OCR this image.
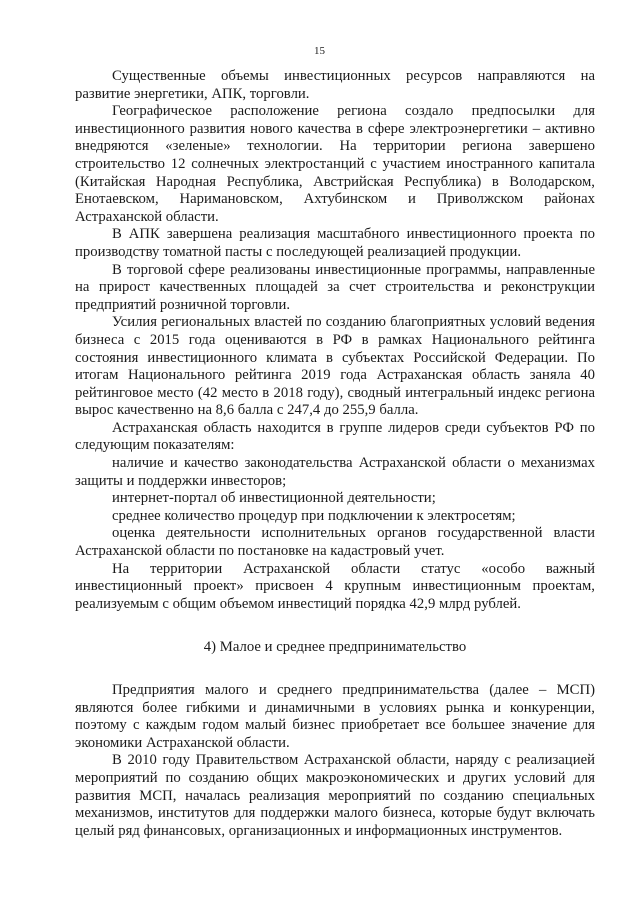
15

Существенные объемы инвестиционных ресурсов направляются на развитие энергетики, АПК, торговли.

Географическое расположение региона создало предпосылки для инвестиционного развития нового качества в сфере электроэнергетики – активно внедряются «зеленые» технологии. На территории региона завершено строительство 12 солнечных электростанций с участием иностранного капитала (Китайская Народная Республика, Австрийская Республика) в Володарском, Енотаевском, Наримановском, Ахтубинском и Приволжском районах Астраханской области.

В АПК завершена реализация масштабного инвестиционного проекта по производству томатной пасты с последующей реализацией продукции.

В торговой сфере реализованы инвестиционные программы, направленные на прирост качественных площадей за счет строительства и реконструкции предприятий розничной торговли.

Усилия региональных властей по созданию благоприятных условий ведения бизнеса с 2015 года оцениваются в РФ в рамках Национального рейтинга состояния инвестиционного климата в субъектах Российской Федерации. По итогам Национального рейтинга 2019 года Астраханская область заняла 40 рейтинговое место (42 место в 2018 году), сводный интегральный индекс региона вырос качественно на 8,6 балла с 247,4 до 255,9 балла.

Астраханская область находится в группе лидеров среди субъектов РФ по следующим показателям:

наличие и качество законодательства Астраханской области о механизмах защиты и поддержки инвесторов;

интернет-портал об инвестиционной деятельности;

среднее количество процедур при подключении к электросетям;

оценка деятельности исполнительных органов государственной власти Астраханской области по постановке на кадастровый учет.

На территории Астраханской области статус «особо важный инвестиционный проект» присвоен 4 крупным инвестиционным проектам, реализуемым с общим объемом инвестиций порядка 42,9 млрд рублей.

4) Малое и среднее предпринимательство

Предприятия малого и среднего предпринимательства (далее – МСП) являются более гибкими и динамичными в условиях рынка и конкуренции, поэтому с каждым годом малый бизнес приобретает все большее значение для экономики Астраханской области.

В 2010 году Правительством Астраханской области, наряду с реализацией мероприятий по созданию общих макроэкономических и других условий для развития МСП, началась реализация мероприятий по созданию специальных механизмов, институтов для поддержки малого бизнеса, которые будут включать целый ряд финансовых, организационных и информационных инструментов.
